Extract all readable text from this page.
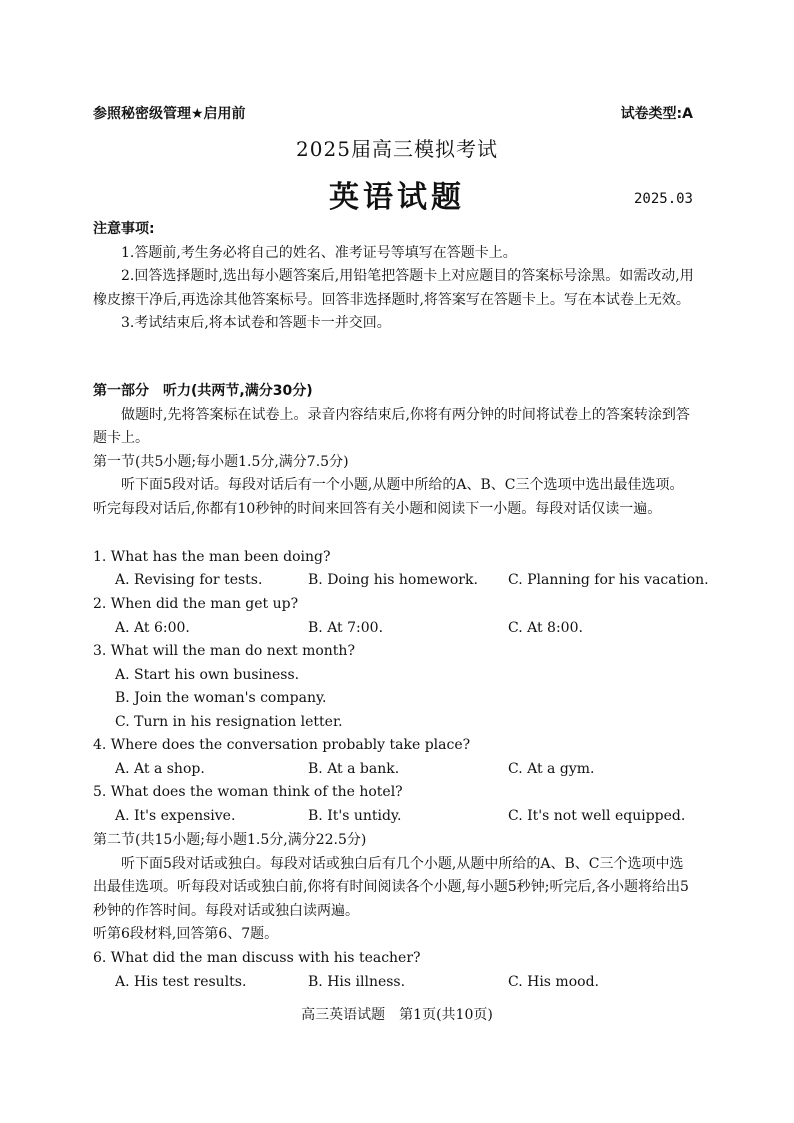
参照秘密级管理★启用前	试卷类型:A
2025届高三模拟考试
英语试题	2025.03

注意事项:

1.答题前,考生务必将自己的姓名、准考证号等填写在答题卡上。

2.回答选择题时,选出每小题答案后,用铅笔把答题卡上对应题目的答案标号涂黑。如需改动,用橡皮擦干净后,再选涂其他答案标号。回答非选择题时,将答案写在答题卡上。写在本试卷上无效。

3.考试结束后,将本试卷和答题卡一并交回。

第一部分　听力(共两节,满分30分)

做题时,先将答案标在试卷上。录音内容结束后,你将有两分钟的时间将试卷上的答案转涂到答题卡上。

第一节(共5小题;每小题1.5分,满分7.5分)

听下面5段对话。每段对话后有一个小题,从题中所给的A、B、C三个选项中选出最佳选项。听完每段对话后,你都有10秒钟的时间来回答有关小题和阅读下一小题。每段对话仅读一遍。

1. What has the man been doing?
A. Revising for tests.	B. Doing his homework. C. Planning for his vacation.
2. When did the man get up?
A. At 6:00.	B. At 7:00.	C. At 8:00.
3. What will the man do next month?
A. Start his own business.
B. Join the woman's company.
C. Turn in his resignation letter.
4. Where does the conversation probably take place?
A. At a shop.	B. At a bank.	C. At a gym.
5. What does the woman think of the hotel?
A. It's expensive.	B. It's untidy.	C. It's not well equipped.

第二节(共15小题;每小题1.5分,满分22.5分)

听下面5段对话或独白。每段对话或独白后有几个小题,从题中所给的A、B、C三个选项中选出最佳选项。听每段对话或独白前,你将有时间阅读各个小题,每小题5秒钟;听完后,各小题将给出5秒钟的作答时间。每段对话或独白读两遍。

听第6段材料,回答第6、7题。

6. What did the man discuss with his teacher?
A. His test results.	B. His illness.	C. His mood.
高三英语试题　第1页(共10页)
